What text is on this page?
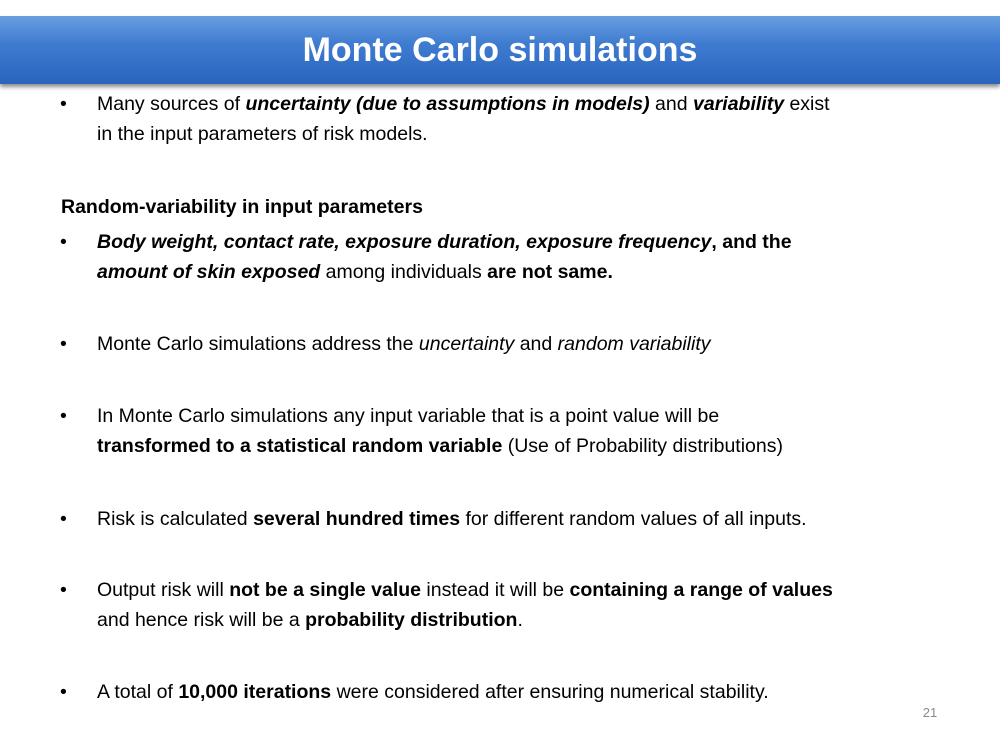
Monte Carlo simulations
• Many sources of uncertainty (due to assumptions in models) and variability exist
in the input parameters of risk models.
Random-variability in input parameters
• Body weight, contact rate, exposure duration, exposure frequency, and the
amount of skin exposed among individuals are not same.
• Monte Carlo simulations address the uncertainty and random variability
• In Monte Carlo simulations any input variable that is a point value will be
transformed to a statistical random variable (Use of Probability distributions)
• Risk is calculated several hundred times for different random values of all inputs.
• Output risk will not be a single value instead it will be containing a range of values
and hence risk will be a probability distribution.
• A total of 10,000 iterations were considered after ensuring numerical stability.
21
